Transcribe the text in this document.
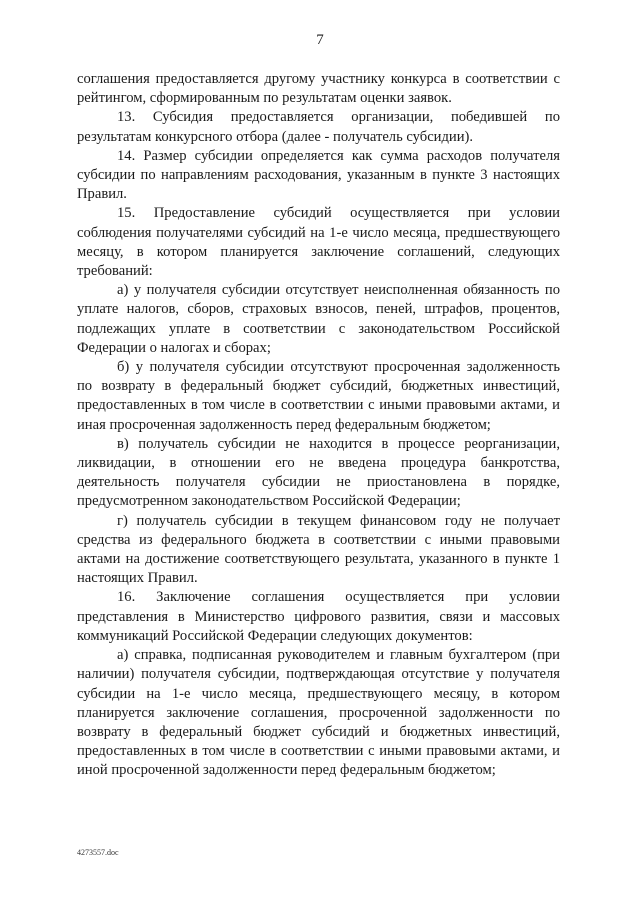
7

соглашения предоставляется другому участнику конкурса в соответствии с рейтингом, сформированным по результатам оценки заявок.

13. Субсидия предоставляется организации, победившей по результатам конкурсного отбора (далее - получатель субсидии).

14. Размер субсидии определяется как сумма расходов получателя субсидии по направлениям расходования, указанным в пункте 3 настоящих Правил.

15. Предоставление субсидий осуществляется при условии соблюдения получателями субсидий на 1-е число месяца, предшествующего месяцу, в котором планируется заключение соглашений, следующих требований:

а) у получателя субсидии отсутствует неисполненная обязанность по уплате налогов, сборов, страховых взносов, пеней, штрафов, процентов, подлежащих уплате в соответствии с законодательством Российской Федерации о налогах и сборах;

б) у получателя субсидии отсутствуют просроченная задолженность по возврату в федеральный бюджет субсидий, бюджетных инвестиций, предоставленных в том числе в соответствии с иными правовыми актами, и иная просроченная задолженность перед федеральным бюджетом;

в) получатель субсидии не находится в процессе реорганизации, ликвидации, в отношении его не введена процедура банкротства, деятельность получателя субсидии не приостановлена в порядке, предусмотренном законодательством Российской Федерации;

г) получатель субсидии в текущем финансовом году не получает средства из федерального бюджета в соответствии с иными правовыми актами на достижение соответствующего результата, указанного в пункте 1 настоящих Правил.

16. Заключение соглашения осуществляется при условии представления в Министерство цифрового развития, связи и массовых коммуникаций Российской Федерации следующих документов:

а) справка, подписанная руководителем и главным бухгалтером (при наличии) получателя субсидии, подтверждающая отсутствие у получателя субсидии на 1-е число месяца, предшествующего месяцу, в котором планируется заключение соглашения, просроченной задолженности по возврату в федеральный бюджет субсидий и бюджетных инвестиций, предоставленных в том числе в соответствии с иными правовыми актами, и иной просроченной задолженности перед федеральным бюджетом;

4273557.doc
